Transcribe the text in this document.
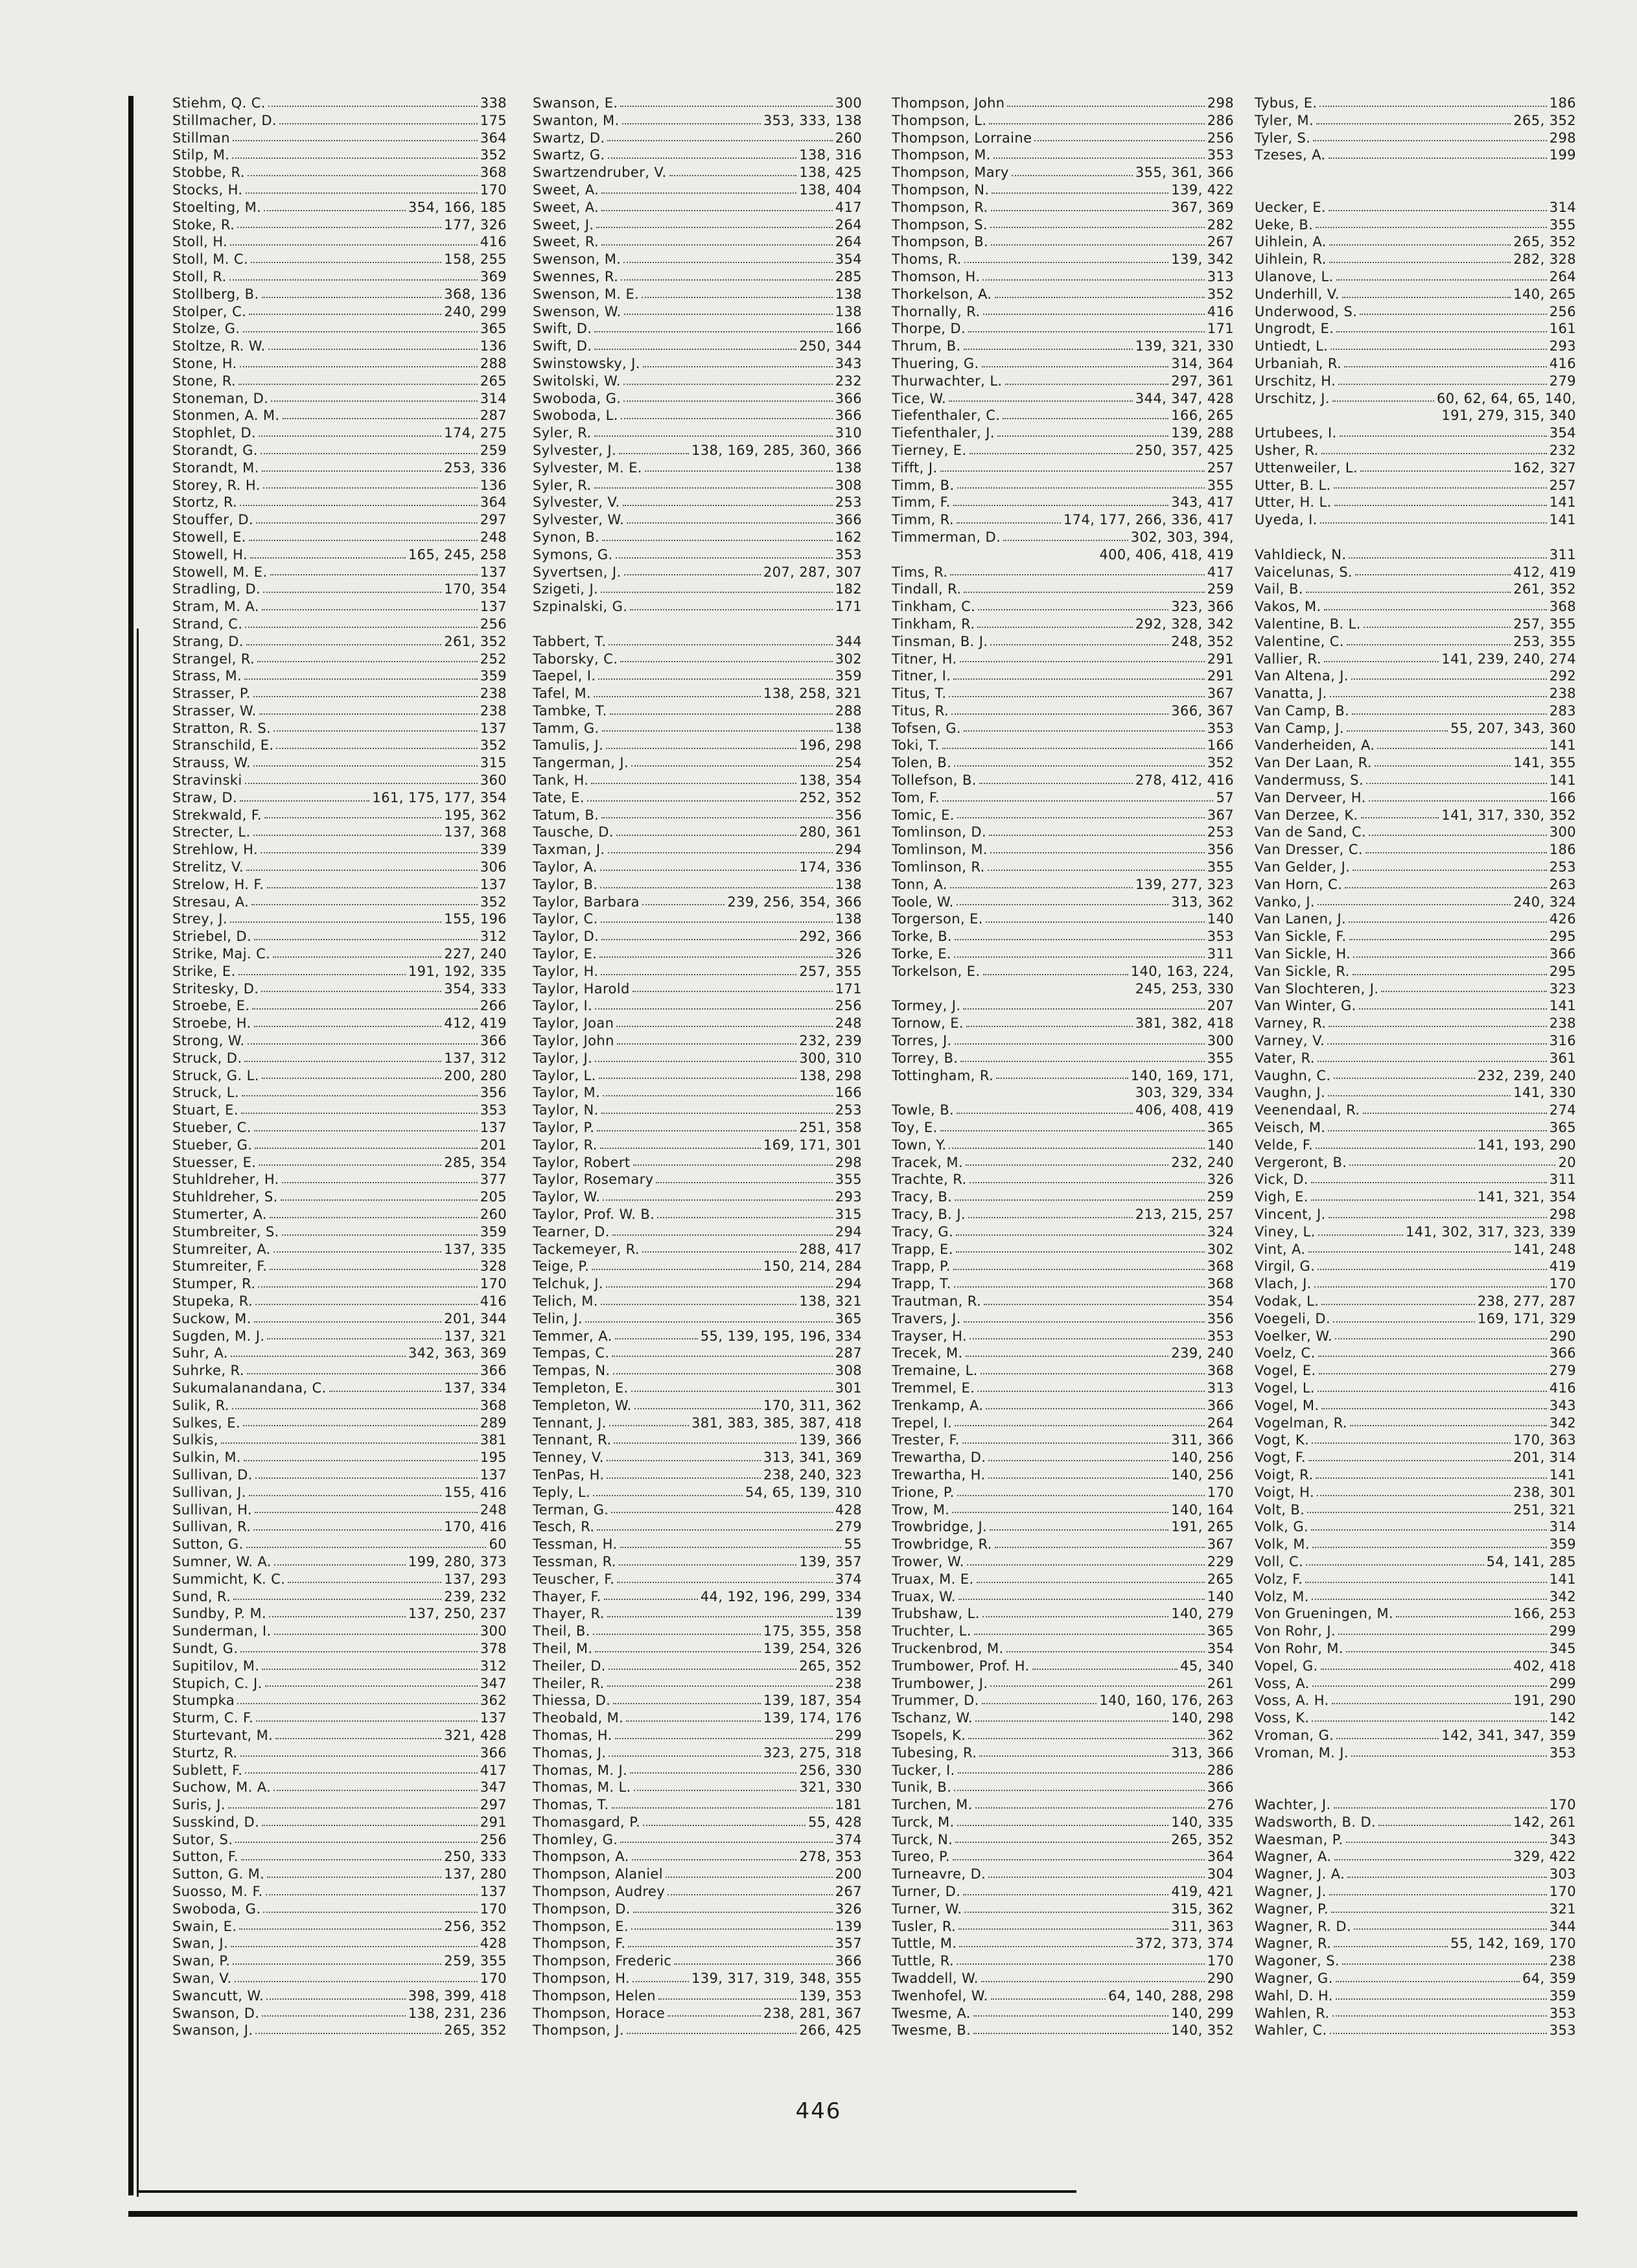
Stiehm, Q. C.	338
Stillmacher, D.	175
Stillman	364
Stilp, M.	352
Stobbe, R.	368
Stocks, H.	170
Stoelting, M.	354, 166, 185
Stoke, R.	177, 326
Stoll, H.	416
Stoll, M. C.	158, 255
Stoll, R.	369
Stollberg, B.	368, 136
Stolper, C.	240, 299
Stolze, G.	365
Stoltze, R. W.	136
Stone, H.	288
Stone, R.	265
Stoneman, D.	314
Stonmen, A. M.	287
Stophlet, D.	174, 275
Storandt, G.	259
Storandt, M.	253, 336
Storey, R. H.	136
Stortz, R.	364
Stouffer, D.	297
Stowell, E.	248
Stowell, H.	165, 245, 258
Stowell, M. E.	137
Stradling, D.	170, 354
Stram, M. A.	137
Strand, C.	256
Strang, D.	261, 352
Strangel, R.	252
Strass, M.	359
Strasser, P.	238
Strasser, W.	238
Stratton, R. S.	137
Stranschild, E.	352
Strauss, W.	315
Stravinski	360
Straw, D.	161, 175, 177, 354
Strekwald, F.	195, 362
Strecter, L.	137, 368
Strehlow, H.	339
Strelitz, V.	306
Strelow, H. F.	137
Stresau, A.	352
Strey, J.	155, 196
Striebel, D.	312
Strike, Maj. C.	227, 240
Strike, E.	191, 192, 335
Stritesky, D.	354, 333
Stroebe, E.	266
Stroebe, H.	412, 419
Strong, W.	366
Struck, D.	137, 312
Struck, G. L.	200, 280
Struck, L.	356
Stuart, E.	353
Stueber, C.	137
Stueber, G.	201
Stuesser, E.	285, 354
Stuhldreher, H.	377
Stuhldreher, S.	205
Stumerter, A.	260
Stumbreiter, S.	359
Stumreiter, A.	137, 335
Stumreiter, F.	328
Stumper, R.	170
Stupeka, R.	416
Suckow, M.	201, 344
Sugden, M. J.	137, 321
Suhr, A.	342, 363, 369
Suhrke, R.	366
Sukumalanandana, C.	137, 334
Sulik, R.	368
Sulkes, E.	289
Sulkis,	381
Sulkin, M.	195
Sullivan, D.	137
Sullivan, J.	155, 416
Sullivan, H.	248
Sullivan, R.	170, 416
Sutton, G.	60
Sumner, W. A.	199, 280, 373
Summicht, K. C.	137, 293
Sund, R.	239, 232
Sundby, P. M.	137, 250, 237
Sunderman, I.	300
Sundt, G.	378
Supitilov, M.	312
Stupich, C. J.	347
Stumpka	362
Sturm, C. F.	137
Sturtevant, M.	321, 428
Sturtz, R.	366
Sublett, F.	417
Suchow, M. A.	347
Suris, J.	297
Susskind, D.	291
Sutor, S.	256
Sutton, F.	250, 333
Sutton, G. M.	137, 280
Suosso, M. F.	137
Swoboda, G.	170
Swain, E.	256, 352
Swan, J.	428
Swan, P.	259, 355
Swan, V.	170
Swancutt, W.	398, 399, 418
Swanson, D.	138, 231, 236
Swanson, J.	265, 352
Swanson, E.	300
Swanton, M.	353, 333, 138
Swartz, D.	260
Swartz, G.	138, 316
Swartzendruber, V.	138, 425
Sweet, A.	138, 404
Sweet, A.	417
Sweet, J.	264
Sweet, R.	264
Swenson, M.	354
Swennes, R.	285
Swenson, M. E.	138
Swenson, W.	138
Swift, D.	166
Swift, D.	250, 344
Swinstowsky, J.	343
Switolski, W.	232
Swoboda, G.	366
Swoboda, L.	366
Syler, R.	310
Sylvester, J.	138, 169, 285, 360, 366
Sylvester, M. E.	138
Syler, R.	308
Sylvester, V.	253
Sylvester, W.	366
Synon, B.	162
Symons, G.	353
Syvertsen, J.	207, 287, 307
Szigeti, J.	182
Szpinalski, G.	171
Tabbert, T.	344
Taborsky, C.	302
Taepel, I.	359
Tafel, M.	138, 258, 321
Tambke, T.	288
Tamm, G.	138
Tamulis, J.	196, 298
Tangerman, J.	254
Tank, H.	138, 354
Tate, E.	252, 352
Tatum, B.	356
Tausche, D.	280, 361
Taxman, J.	294
Taylor, A.	174, 336
Taylor, B.	138
Taylor, Barbara	239, 256, 354, 366
Taylor, C.	138
Taylor, D.	292, 366
Taylor, E.	326
Taylor, H.	257, 355
Taylor, Harold	171
Taylor, I.	256
Taylor, Joan	248
Taylor, John	232, 239
Taylor, J.	300, 310
Taylor, L.	138, 298
Taylor, M.	166
Taylor, N.	253
Taylor, P.	251, 358
Taylor, R.	169, 171, 301
Taylor, Robert	298
Taylor, Rosemary	355
Taylor, W.	293
Taylor, Prof. W. B.	315
Tearner, D.	294
Tackemeyer, R.	288, 417
Teige, P.	150, 214, 284
Telchuk, J.	294
Telich, M.	138, 321
Telin, J.	365
Temmer, A.	55, 139, 195, 196, 334
Tempas, C.	287
Tempas, N.	308
Templeton, E.	301
Templeton, W.	170, 311, 362
Tennant, J.	381, 383, 385, 387, 418
Tennant, R.	139, 366
Tenney, V.	313, 341, 369
TenPas, H.	238, 240, 323
Teply, L.	54, 65, 139, 310
Terman, G.	428
Tesch, R.	279
Tessman, H.	55
Tessman, R.	139, 357
Teuscher, F.	374
Thayer, F.	44, 192, 196, 299, 334
Thayer, R.	139
Theil, B.	175, 355, 358
Theil, M.	139, 254, 326
Theiler, D.	265, 352
Theiler, R.	238
Thiessa, D.	139, 187, 354
Theobald, M.	139, 174, 176
Thomas, H.	299
Thomas, J.	323, 275, 318
Thomas, M. J.	256, 330
Thomas, M. L.	321, 330
Thomas, T.	181
Thomasgard, P.	55, 428
Thomley, G.	374
Thompson, A.	278, 353
Thompson, Alaniel	200
Thompson, Audrey	267
Thompson, D.	326
Thompson, E.	139
Thompson, F.	357
Thompson, Frederic	366
Thompson, H.	139, 317, 319, 348, 355
Thompson, Helen	139, 353
Thompson, Horace	238, 281, 367
Thompson, J.	266, 425
Thompson, John	298
Thompson, L.	286
Thompson, Lorraine	256
Thompson, M.	353
Thompson, Mary	355, 361, 366
Thompson, N.	139, 422
Thompson, R.	367, 369
Thompson, S.	282
Thompson, B.	267
Thoms, R.	139, 342
Thomson, H.	313
Thorkelson, A.	352
Thornally, R.	416
Thorpe, D.	171
Thrum, B.	139, 321, 330
Thuering, G.	314, 364
Thurwachter, L.	297, 361
Tice, W.	344, 347, 428
Tiefenthaler, C.	166, 265
Tiefenthaler, J.	139, 288
Tierney, E.	250, 357, 425
Tifft, J.	257
Timm, B.	355
Timm, F.	343, 417
Timm, R.	174, 177, 266, 336, 417
Timmerman, D.	302, 303, 394,
400, 406, 418, 419
Tims, R.	417
Tindall, R.	259
Tinkham, C.	323, 366
Tinkham, R.	292, 328, 342
Tinsman, B. J.	248, 352
Titner, H.	291
Titner, I.	291
Titus, T.	367
Titus, R.	366, 367
Tofsen, G.	353
Toki, T.	166
Tolen, B.	352
Tollefson, B.	278, 412, 416
Tom, F.	57
Tomic, E.	367
Tomlinson, D.	253
Tomlinson, M.	356
Tomlinson, R.	355
Tonn, A.	139, 277, 323
Toole, W.	313, 362
Torgerson, E.	140
Torke, B.	353
Torke, E.	311
Torkelson, E.	140, 163, 224,
245, 253, 330
Tormey, J.	207
Tornow, E.	381, 382, 418
Torres, J.	300
Torrey, B.	355
Tottingham, R.	140, 169, 171,
303, 329, 334
Towle, B.	406, 408, 419
Toy, E.	365
Town, Y.	140
Tracek, M.	232, 240
Trachte, R.	326
Tracy, B.	259
Tracy, B. J.	213, 215, 257
Tracy, G.	324
Trapp, E.	302
Trapp, P.	368
Trapp, T.	368
Trautman, R.	354
Travers, J.	356
Trayser, H.	353
Trecek, M.	239, 240
Tremaine, L.	368
Tremmel, E.	313
Trenkamp, A.	366
Trepel, I.	264
Trester, F.	311, 366
Trewartha, D.	140, 256
Trewartha, H.	140, 256
Trione, P.	170
Trow, M.	140, 164
Trowbridge, J.	191, 265
Trowbridge, R.	367
Trower, W.	229
Truax, M. E.	265
Truax, W.	140
Trubshaw, L.	140, 279
Truchter, L.	365
Truckenbrod, M.	354
Trumbower, Prof. H.	45, 340
Trumbower, J.	261
Trummer, D.	140, 160, 176, 263
Tschanz, W.	140, 298
Tsopels, K.	362
Tubesing, R.	313, 366
Tucker, I.	286
Tunik, B.	366
Turchen, M.	276
Turck, M.	140, 335
Turck, N.	265, 352
Tureo, P.	364
Turneavre, D.	304
Turner, D.	419, 421
Turner, W.	315, 362
Tusler, R.	311, 363
Tuttle, M.	372, 373, 374
Tuttle, R.	170
Twaddell, W.	290
Twenhofel, W.	64, 140, 288, 298
Twesme, A.	140, 299
Twesme, B.	140, 352
Tybus, E.	186
Tyler, M.	265, 352
Tyler, S.	298
Tzeses, A.	199
Uecker, E.	314
Ueke, B.	355
Uihlein, A.	265, 352
Uihlein, R.	282, 328
Ulanove, L.	264
Underhill, V.	140, 265
Underwood, S.	256
Ungrodt, E.	161
Untiedt, L.	293
Urbaniah, R.	416
Urschitz, H.	279
Urschitz, J.	60, 62, 64, 65, 140,
191, 279, 315, 340
Urtubees, I.	354
Usher, R.	232
Uttenweiler, L.	162, 327
Utter, B. L.	257
Utter, H. L.	141
Uyeda, I.	141
Vahldieck, N.	311
Vaicelunas, S.	412, 419
Vail, B.	261, 352
Vakos, M.	368
Valentine, B. L.	257, 355
Valentine, C.	253, 355
Vallier, R.	141, 239, 240, 274
Van Altena, J.	292
Vanatta, J.	238
Van Camp, B.	283
Van Camp, J.	55, 207, 343, 360
Vanderheiden, A.	141
Van Der Laan, R.	141, 355
Vandermuss, S.	141
Van Derveer, H.	166
Van Derzee, K.	141, 317, 330, 352
Van de Sand, C.	300
Van Dresser, C.	186
Van Gelder, J.	253
Van Horn, C.	263
Vanko, J.	240, 324
Van Lanen, J.	426
Van Sickle, F.	295
Van Sickle, H.	366
Van Sickle, R.	295
Van Slochteren, J.	323
Van Winter, G.	141
Varney, R.	238
Varney, V.	316
Vater, R.	361
Vaughn, C.	232, 239, 240
Vaughn, J.	141, 330
Veenendaal, R.	274
Veisch, M.	365
Velde, F.	141, 193, 290
Vergeront, B.	20
Vick, D.	311
Vigh, E.	141, 321, 354
Vincent, J.	298
Viney, L.	141, 302, 317, 323, 339
Vint, A.	141, 248
Virgil, G.	419
Vlach, J.	170
Vodak, L.	238, 277, 287
Voegeli, D.	169, 171, 329
Voelker, W.	290
Voelz, C.	366
Vogel, E.	279
Vogel, L.	416
Vogel, M.	343
Vogelman, R.	342
Vogt, K.	170, 363
Vogt, F.	201, 314
Voigt, R.	141
Voigt, H.	238, 301
Volt, B.	251, 321
Volk, G.	314
Volk, M.	359
Voll, C.	54, 141, 285
Volz, F.	141
Volz, M.	342
Von Grueningen, M.	166, 253
Von Rohr, J.	299
Von Rohr, M.	345
Vopel, G.	402, 418
Voss, A.	299
Voss, A. H.	191, 290
Voss, K.	142
Vroman, G.	142, 341, 347, 359
Vroman, M. J.	353
Wachter, J.	170
Wadsworth, B. D.	142, 261
Waesman, P.	343
Wagner, A.	329, 422
Wagner, J. A.	303
Wagner, J.	170
Wagner, P.	321
Wagner, R. D.	344
Wagner, R.	55, 142, 169, 170
Wagoner, S.	238
Wagner, G.	64, 359
Wahl, D. H.	359
Wahlen, R.	353
Wahler, C.	353
446
